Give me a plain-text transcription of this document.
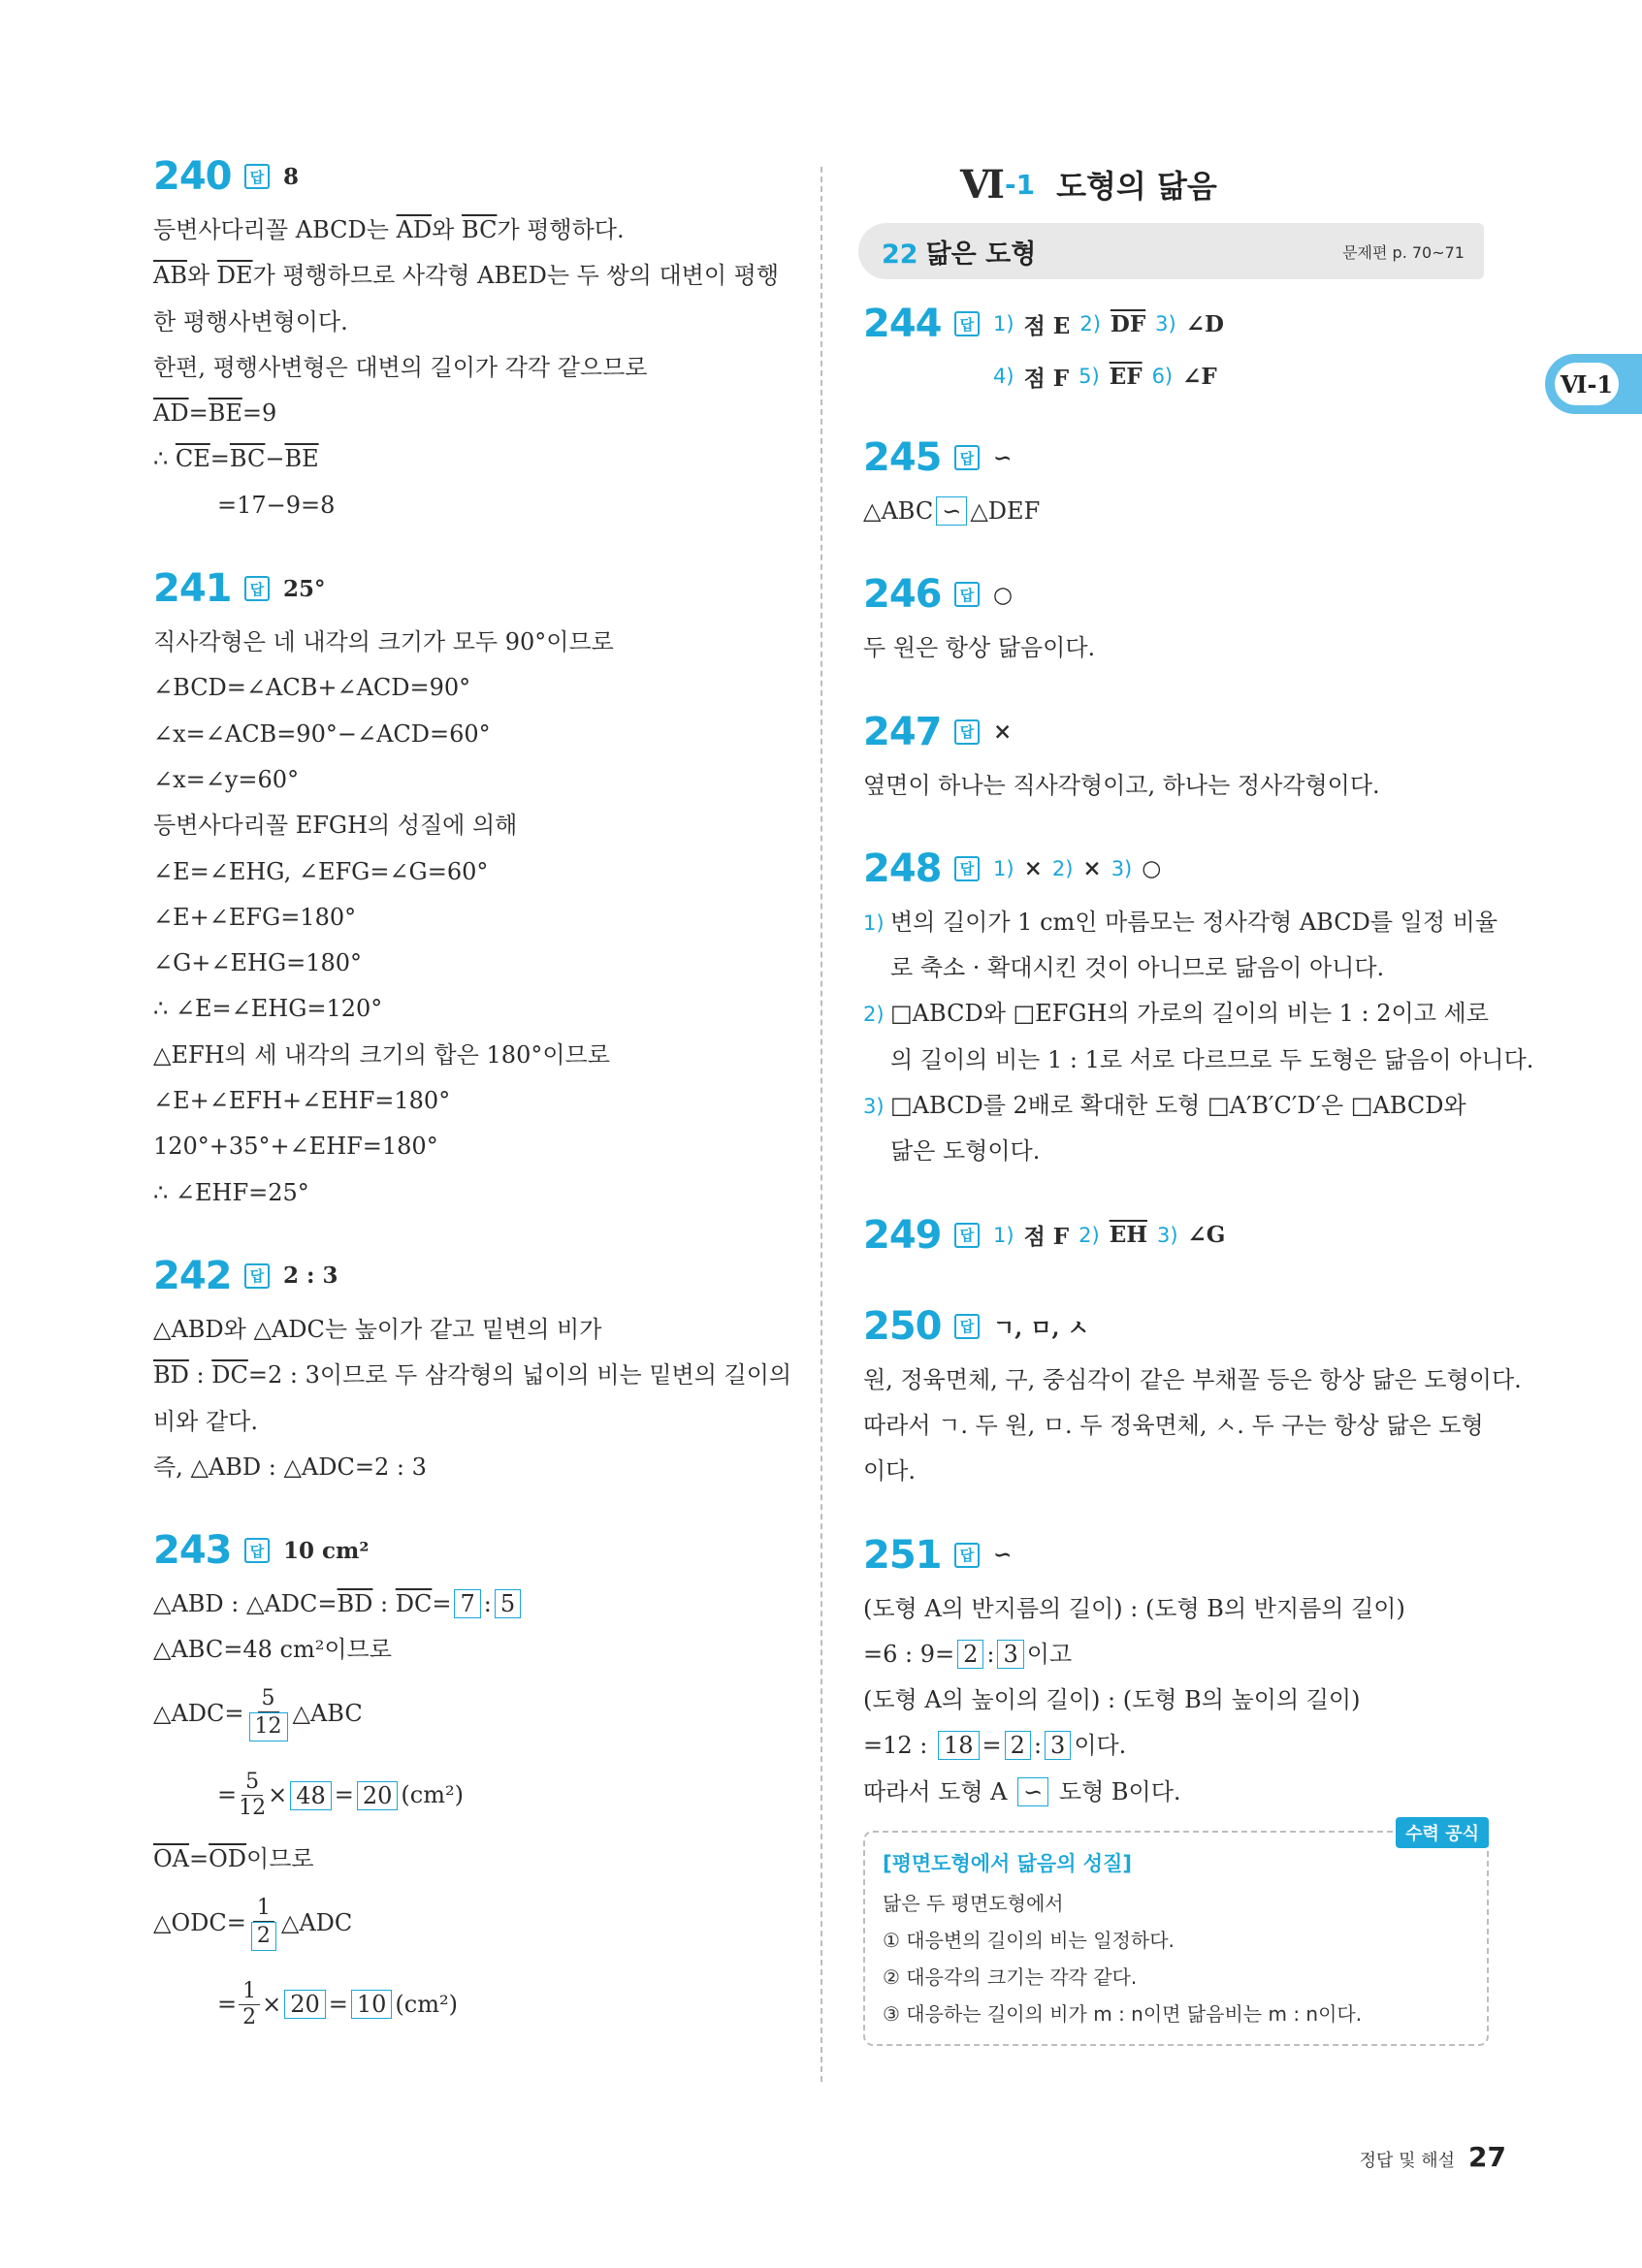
Ⅵ-1
240	답 8
등변사다리꼴 ABCD는 $\overline{AD}$와 $\overline{BC}$가 평행하다.
$\overline{AB}$와 $\overline{DE}$가 평행하므로 사각형 ABED는 두 쌍의 대변이 평행
한 평행사변형이다.
한편, 평행사변형은 대변의 길이가 각각 같으므로
$\overline{AD}=\overline{BE}=9$
∴ $\overline{CE}=\overline{BC}-\overline{BE}$
=17−9=8
241	답 25°
직사각형은 네 내각의 크기가 모두 90°이므로
∠BCD=∠ACB+∠ACD=90°
∠x=∠ACB=90°−∠ACD=60°
∠x=∠y=60°
등변사다리꼴 EFGH의 성질에 의해
∠E=∠EHG, ∠EFG=∠G=60°
∠E+∠EFG=180°
∠G+∠EHG=180°
∴ ∠E=∠EHG=120°
△EFH의 세 내각의 크기의 합은 180°이므로
∠E+∠EFH+∠EHF=180°
120°+35°+∠EHF=180°
∴ ∠EHF=25°
242	답 2 : 3
△ABD와 △ADC는 높이가 같고 밑변의 비가
$\overline{BD}$ : $\overline{DC}=2$ : 3이므로 두 삼각형의 넓이의 비는 밑변의 길이의
비와 같다.
즉, △ABD : △ADC=2 : 3
243	답 10 cm²
△ABD : $\triangle ADC=\overline{BD}$ : $\overline{DC}= 7$ : 5
△ABC=48 cm²이므로
△ADC= $\frac{5}{12}$ △ABC
= $\frac{5}{12} \times 48 = 20$ (cm²)
$\overline{OA}=\overline{OD}$이므로
△ODC= $\frac{1}{2}$ △ADC
= $\frac{1}{2} \times 20 = 10$ (cm²)
Ⅵ -1 도형의 닮음
22 닮은 도형	문제편 p. 70~71
244	답 1) 점 E 2) $\overline{DF}$ 3) ∠D
4) 점 F 5) $\overline{EF}$ 6) ∠F
245	답 ∽
△ABC ∽ △DEF
246	답 ○
두 원은 항상 닮음이다.
247	답 ×
옆면이 하나는 직사각형이고, 하나는 정사각형이다.
248	답 1) × 2) × 3) ○
1) 변의 길이가 1 cm인 마름모는 정사각형 ABCD를 일정 비율
로 축소 · 확대시킨 것이 아니므로 닮음이 아니다.
2) □ABCD와 □EFGH의 가로의 길이의 비는 1 : 2이고 세로
의 길이의 비는 1 : 1로 서로 다르므로 두 도형은 닮음이 아니다.
3) □ABCD를 2배로 확대한 도형 □A′B′C′D′은 □ABCD와
닮은 도형이다.
249	답 1) 점 F 2) $\overline{EH}$ 3) ∠G
250	답 ㄱ, ㅁ, ㅅ
원, 정육면체, 구, 중심각이 같은 부채꼴 등은 항상 닮은 도형이다.
따라서 ㄱ. 두 원, ㅁ. 두 정육면체, ㅅ. 두 구는 항상 닮은 도형
이다.
251	답 ∽
(도형 A의 반지름의 길이) : (도형 B의 반지름의 길이)
=6 : 9= 2 : 3 이고
(도형 A의 높이의 길이) : (도형 B의 높이의 길이)
=12 : 18 = 2 : 3 이다.
따라서 도형 A ∽ 도형 B이다.
수력 공식
[평면도형에서 닮음의 성질]
닮은 두 평면도형에서
① 대응변의 길이의 비는 일정하다.
② 대응각의 크기는 각각 같다.
③ 대응하는 길이의 비가 m : n이면 닮음비는 m : n이다.
정답 및 해설 27
